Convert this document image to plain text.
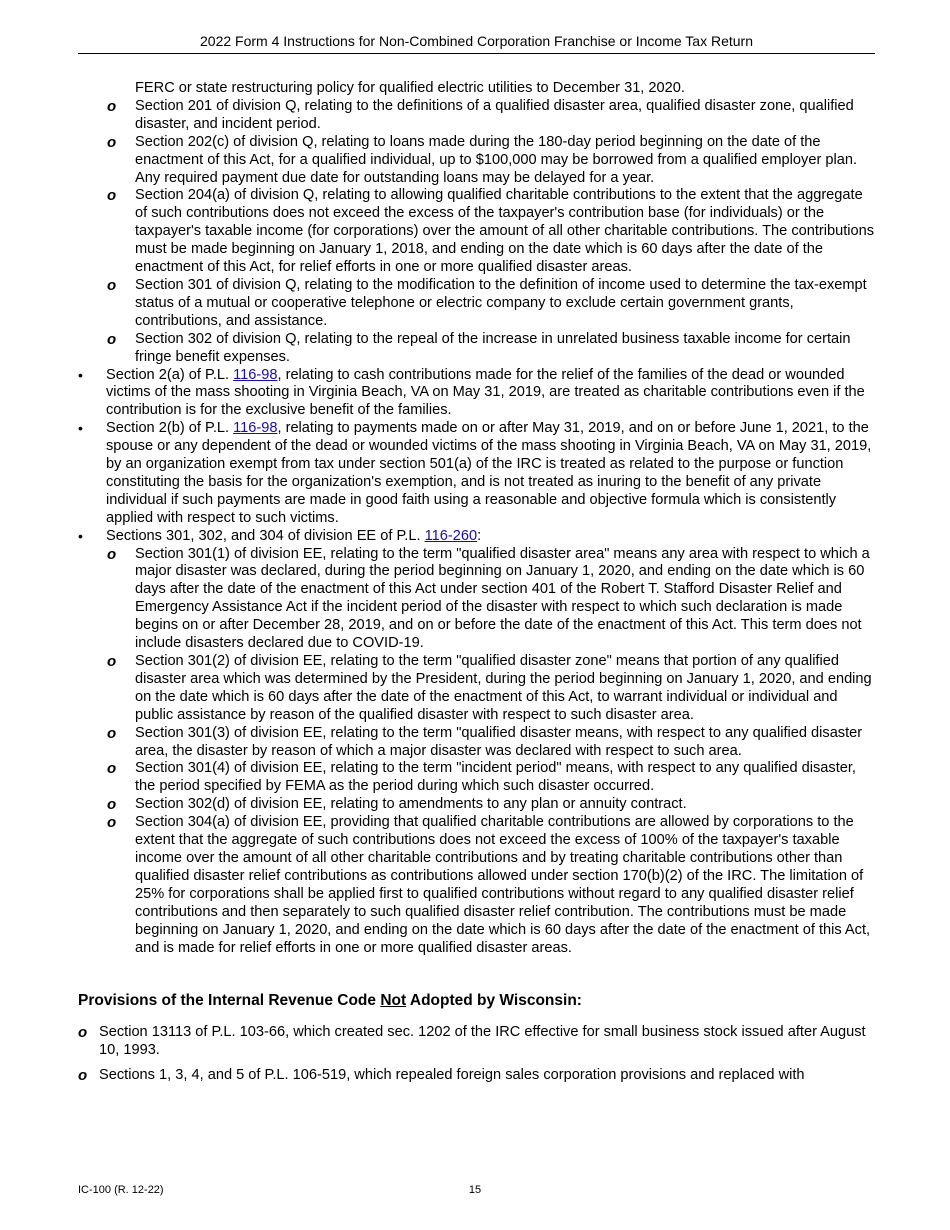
2022 Form 4 Instructions for Non-Combined Corporation Franchise or Income Tax Return
FERC or state restructuring policy for qualified electric utilities to December 31, 2020.
o Section 201 of division Q, relating to the definitions of a qualified disaster area, qualified disaster zone, qualified disaster, and incident period.
o Section 202(c) of division Q, relating to loans made during the 180-day period beginning on the date of the enactment of this Act, for a qualified individual, up to $100,000 may be borrowed from a qualified employer plan. Any required payment due date for outstanding loans may be delayed for a year.
o Section 204(a) of division Q, relating to allowing qualified charitable contributions to the extent that the aggregate of such contributions does not exceed the excess of the taxpayer's contribution base (for individuals) or the taxpayer's taxable income (for corporations) over the amount of all other charitable contributions. The contributions must be made beginning on January 1, 2018, and ending on the date which is 60 days after the date of the enactment of this Act, for relief efforts in one or more qualified disaster areas.
o Section 301 of division Q, relating to the modification to the definition of income used to determine the tax-exempt status of a mutual or cooperative telephone or electric company to exclude certain government grants, contributions, and assistance.
o Section 302 of division Q, relating to the repeal of the increase in unrelated business taxable income for certain fringe benefit expenses.
• Section 2(a) of P.L. 116-98, relating to cash contributions made for the relief of the families of the dead or wounded victims of the mass shooting in Virginia Beach, VA on May 31, 2019, are treated as charitable contributions even if the contribution is for the exclusive benefit of the families.
• Section 2(b) of P.L. 116-98, relating to payments made on or after May 31, 2019, and on or before June 1, 2021, to the spouse or any dependent of the dead or wounded victims of the mass shooting in Virginia Beach, VA on May 31, 2019, by an organization exempt from tax under section 501(a) of the IRC is treated as related to the purpose or function constituting the basis for the organization's exemption, and is not treated as inuring to the benefit of any private individual if such payments are made in good faith using a reasonable and objective formula which is consistently applied with respect to such victims.
• Sections 301, 302, and 304 of division EE of P.L. 116-260:
o Section 301(1) of division EE, relating to the term "qualified disaster area" means any area with respect to which a major disaster was declared, during the period beginning on January 1, 2020, and ending on the date which is 60 days after the date of the enactment of this Act under section 401 of the Robert T. Stafford Disaster Relief and Emergency Assistance Act if the incident period of the disaster with respect to which such declaration is made begins on or after December 28, 2019, and on or before the date of the enactment of this Act. This term does not include disasters declared due to COVID-19.
o Section 301(2) of division EE, relating to the term "qualified disaster zone" means that portion of any qualified disaster area which was determined by the President, during the period beginning on January 1, 2020, and ending on the date which is 60 days after the date of the enactment of this Act, to warrant individual or individual and public assistance by reason of the qualified disaster with respect to such disaster area.
o Section 301(3) of division EE, relating to the term "qualified disaster means, with respect to any qualified disaster area, the disaster by reason of which a major disaster was declared with respect to such area.
o Section 301(4) of division EE, relating to the term "incident period" means, with respect to any qualified disaster, the period specified by FEMA as the period during which such disaster occurred.
o Section 302(d) of division EE, relating to amendments to any plan or annuity contract.
o Section 304(a) of division EE, providing that qualified charitable contributions are allowed by corporations to the extent that the aggregate of such contributions does not exceed the excess of 100% of the taxpayer's taxable income over the amount of all other charitable contributions and by treating charitable contributions other than qualified disaster relief contributions as contributions allowed under section 170(b)(2) of the IRC. The limitation of 25% for corporations shall be applied first to qualified contributions without regard to any qualified disaster relief contributions and then separately to such qualified disaster relief contribution. The contributions must be made beginning on January 1, 2020, and ending on the date which is 60 days after the date of the enactment of this Act, and is made for relief efforts in one or more qualified disaster areas.
Provisions of the Internal Revenue Code Not Adopted by Wisconsin:
o Section 13113 of P.L. 103-66, which created sec. 1202 of the IRC effective for small business stock issued after August 10, 1993.
o Sections 1, 3, 4, and 5 of P.L. 106-519, which repealed foreign sales corporation provisions and replaced with
IC-100 (R. 12-22)	15
